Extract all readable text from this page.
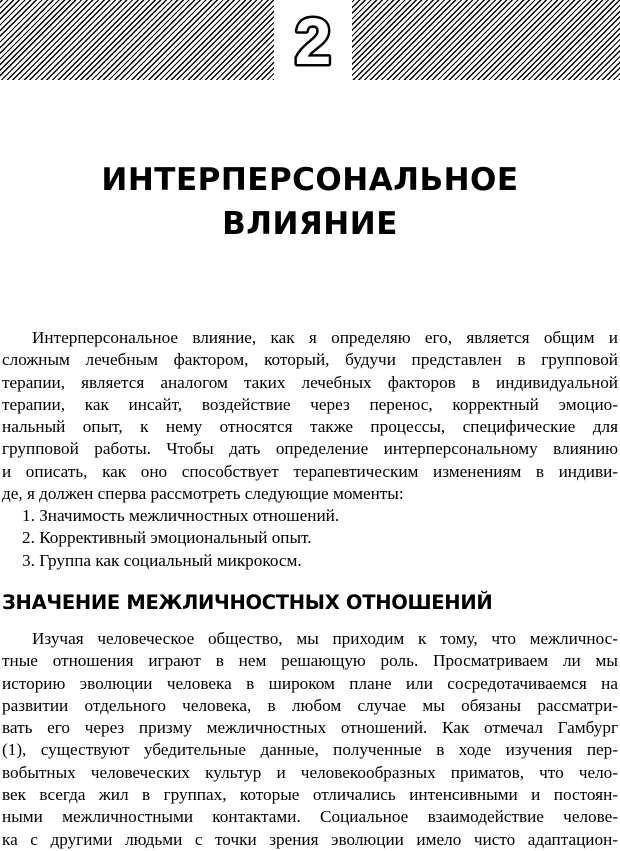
2
ИНТЕРПЕРСОНАЛЬНОЕ
ВЛИЯНИЕ

Интерперсональное влияние, как я определяю его, является общим и
сложным лечебным фактором, который, будучи представлен в групповой
терапии, является аналогом таких лечебных факторов в индивидуальной
терапии, как инсайт, воздействие через перенос, корректный эмоцио-
нальный опыт, к нему относятся также процессы, специфические для
групповой работы. Чтобы дать определение интерперсональному влиянию
и описать, как оно способствует терапевтическим изменениям в индиви-
де, я должен сперва рассмотреть следующие моменты:

1. Значимость межличностных отношений.
2. Коррективный эмоциональный опыт.
3. Группа как социальный микрокосм.
ЗНАЧЕНИЕ МЕЖЛИЧНОСТНЫХ ОТНОШЕНИЙ

Изучая человеческое общество, мы приходим к тому, что межличнос-
тные отношения играют в нем решающую роль. Просматриваем ли мы
историю эволюции человека в широком плане или сосредотачиваемся на
развитии отдельного человека, в любом случае мы обязаны рассматри-
вать его через призму межличностных отношений. Как отмечал Гамбург
(1), существуют убедительные данные, полученные в ходе изучения пер-
вобытных человеческих культур и человекообразных приматов, что чело-
век всегда жил в группах, которые отличались интенсивными и постоян-
ными межличностными контактами. Социальное взаимодействие челове-
ка с другими людьми с точки зрения эволюции имело чисто адаптацион-
